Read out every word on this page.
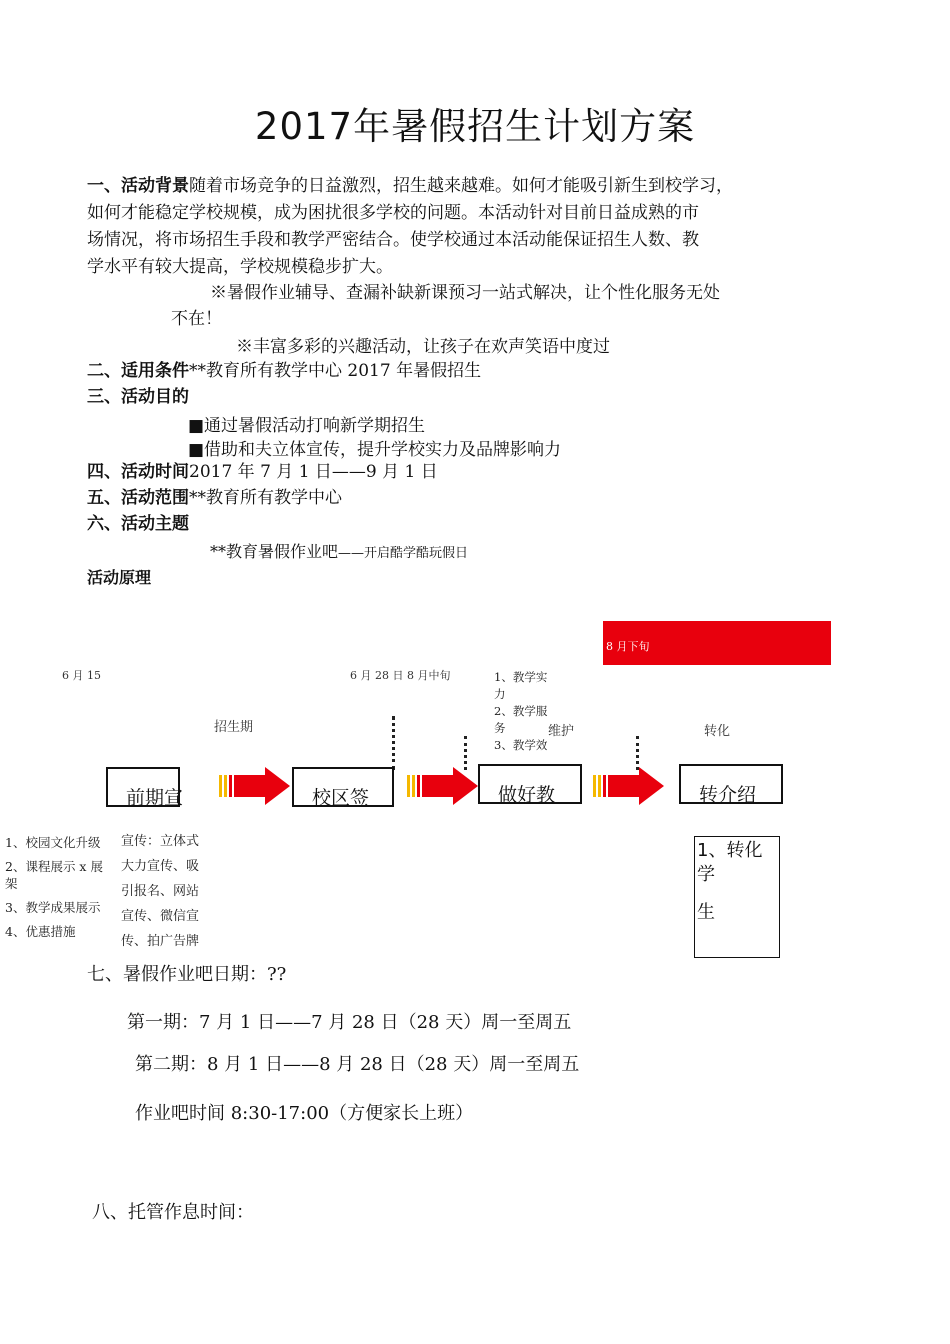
2017年暑假招生计划方案
一、活动背景随着市场竞争的日益激烈，招生越来越难。如何才能吸引新生到校学习，
如何才能稳定学校规模，成为困扰很多学校的问题。本活动针对目前日益成熟的市
场情况，将市场招生手段和教学严密结合。使学校通过本活动能保证招生人数、教
学水平有较大提高，学校规模稳步扩大。
※暑假作业辅导、查漏补缺新课预习一站式解决，让个性化服务无处
不在！
※丰富多彩的兴趣活动，让孩子在欢声笑语中度过
二、适用条件**教育所有教学中心 2017 年暑假招生
三、活动目的
■通过暑假活动打响新学期招生
■借助和夫立体宣传，提升学校实力及品牌影响力
四、活动时间2017 年 7 月 1 日——9 月 1 日
五、活动范围**教育所有教学中心
六、活动主题
**教育暑假作业吧——开启酷学酷玩假日
活动原理
8 月下旬
6 月 15	6 月 28 日 8 月中旬
招生期
1、教学实
力
2、教学服
务
3、教学效
维护	转化
前期宣	校区签	做好教	转介绍
1、校园文化升级
2、课程展示 x 展
架
3、教学成果展示
4、优惠措施
宣传：立体式
大力宣传、吸
引报名、网站
宣传、微信宣
传、拍广告牌
1、转化
学
生
七、暑假作业吧日期：??
第一期：7 月 1 日——7 月 28 日（28 天）周一至周五
第二期：8 月 1 日——8 月 28 日（28 天）周一至周五
作业吧时间 8:30-17:00（方便家长上班）
八、托管作息时间：
